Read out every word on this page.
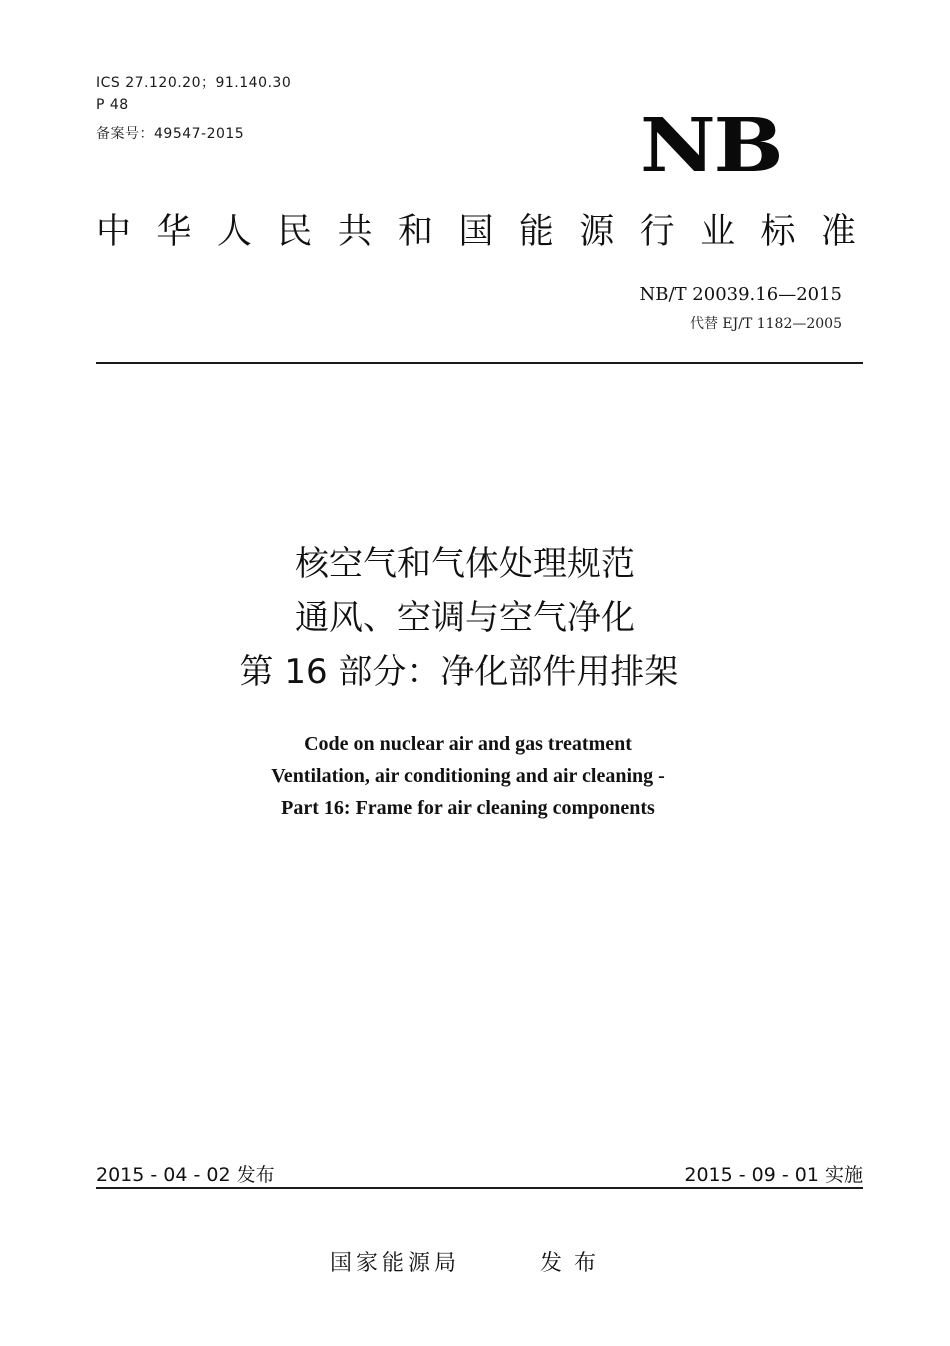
ICS 27.120.20；91.140.30
P 48
备案号：49547-2015	NB
中 华 人 民 共 和 国 能 源 行 业 标 准
NB/T 20039.16—2015
代替 EJ/T 1182—2005
核空气和气体处理规范
通风、空调与空气净化
第 16 部分：净化部件用排架
Code on nuclear air and gas treatment
Ventilation, air conditioning and air cleaning -
Part 16: Frame for air cleaning components
2015 - 04 - 02 发布	2015 - 09 - 01 实施
国家能源局	发布
